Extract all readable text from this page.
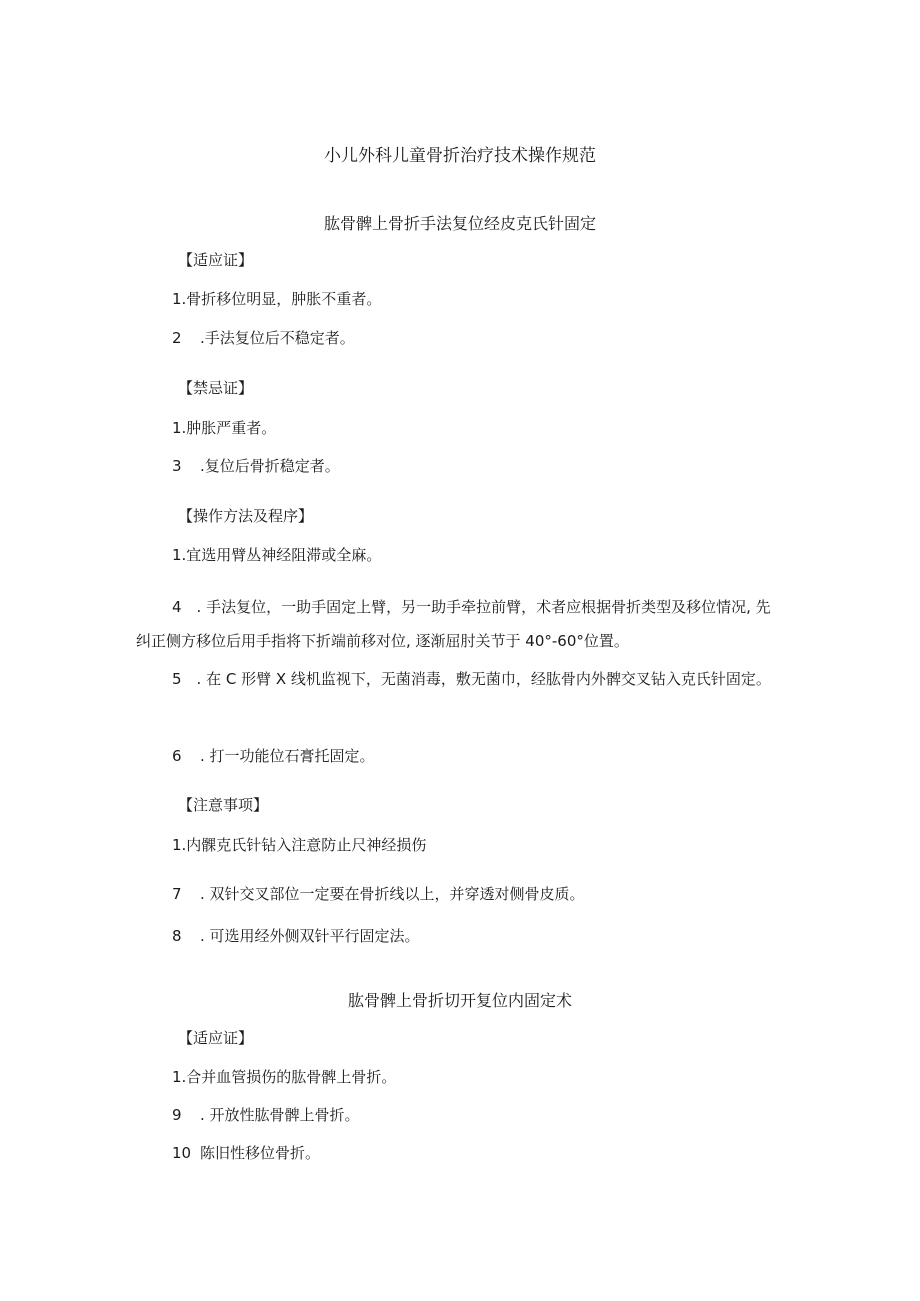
小儿外科儿童骨折治疗技术操作规范
肱骨髀上骨折手法复位经皮克氏针固定
【适应证】
1.骨折移位明显，肿胀不重者。
2 .手法复位后不稳定者。
【禁忌证】
1.肿胀严重者。
3 .复位后骨折稳定者。
【操作方法及程序】
1.宜选用臂丛神经阻滞或全麻。
4　. 手法复位，一助手固定上臂，另一助手牵拉前臂，术者应根据骨折类型及移位情况, 先纠正侧方移位后用手指将下折端前移对位, 逐渐屈肘关节于 40°-60°位置。
5　. 在 C 形臂 X 线机监视下，无菌消毒，敷无菌巾，经肱骨内外髀交叉钻入克氏针固定。
6 . 打一功能位石膏托固定。
【注意事项】
1.内髁克氏针钻入注意防止尺神经损伤
7 . 双针交叉部位一定要在骨折线以上，并穿透对侧骨皮质。
8 . 可选用经外侧双针平行固定法。
肱骨髀上骨折切开复位内固定术
【适应证】
1.合并血管损伤的肱骨髀上骨折。
9 . 开放性肱骨髀上骨折。
10 陈旧性移位骨折。
